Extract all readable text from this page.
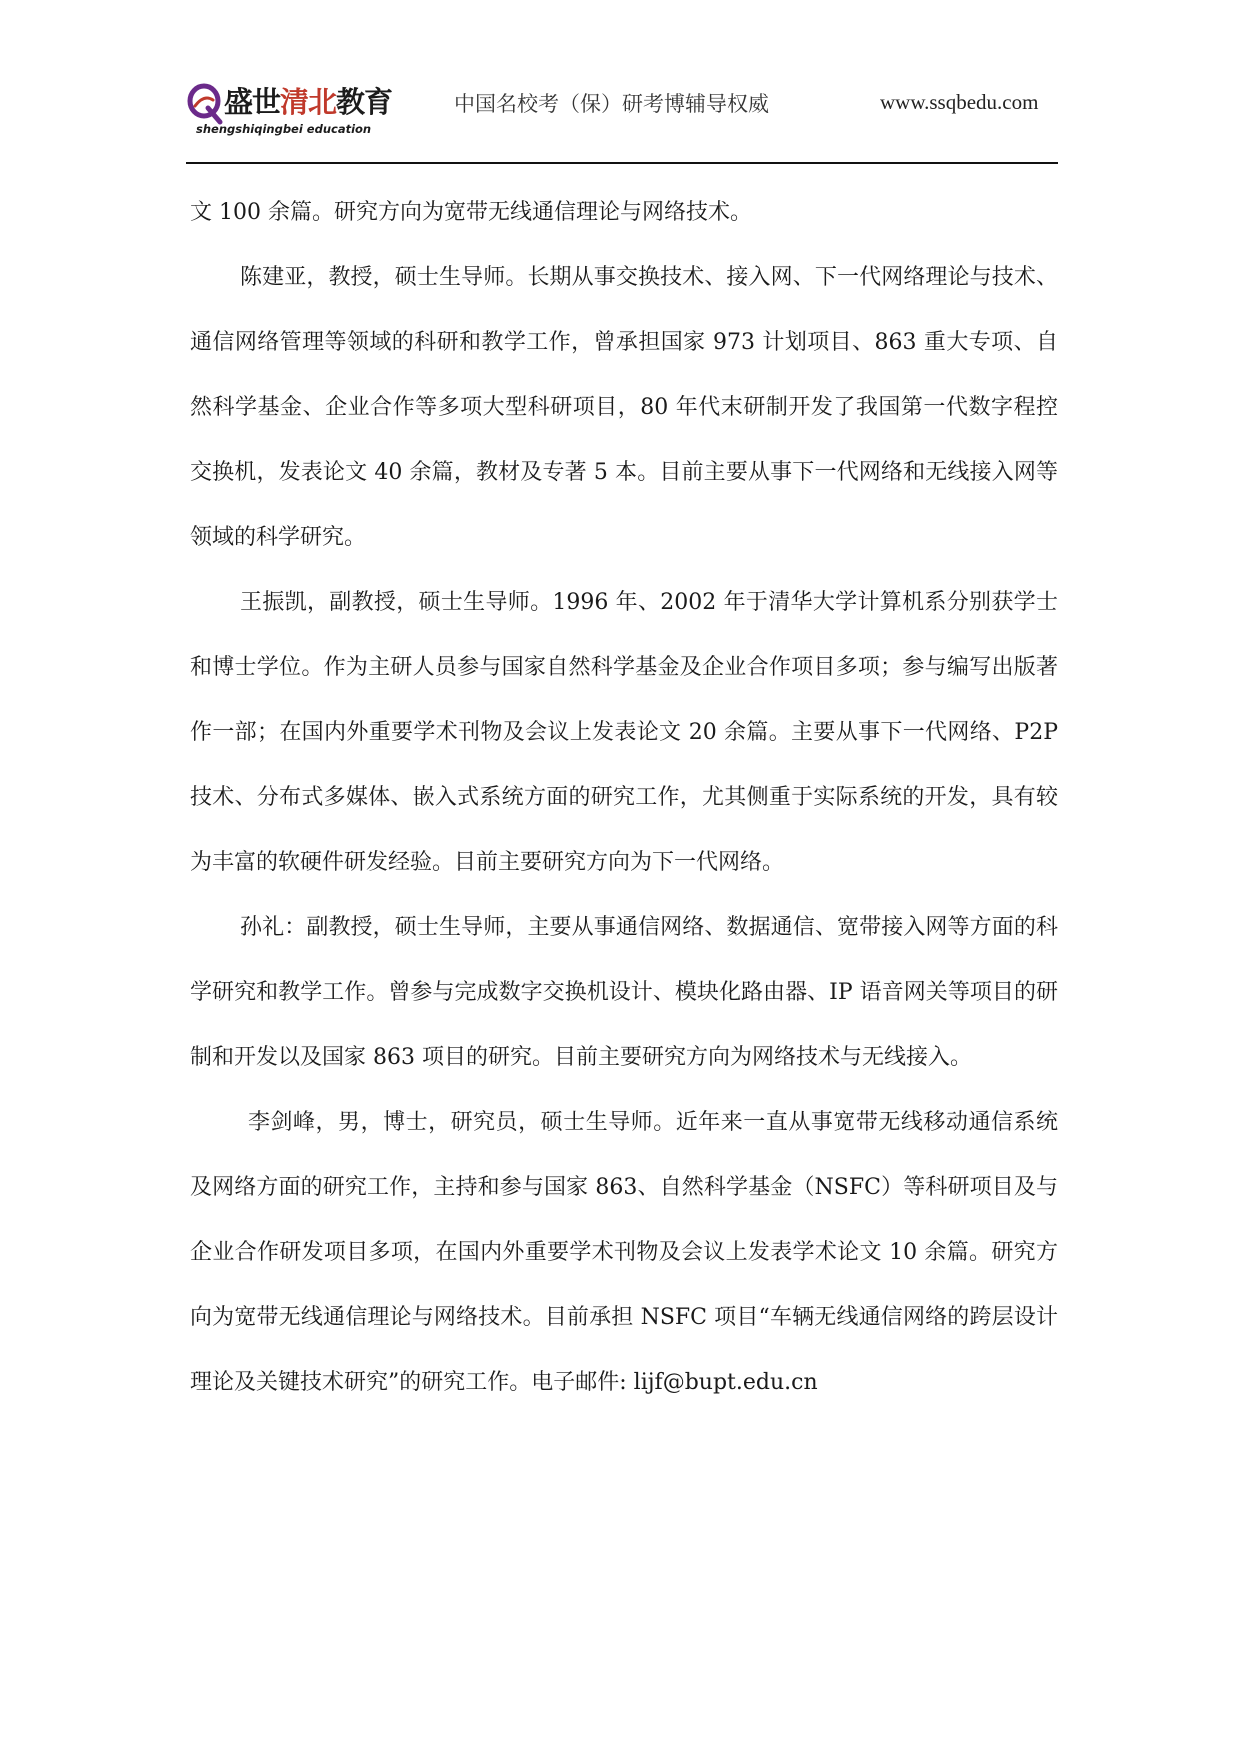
盛世清北教育
shengshiqingbei education
中国名校考（保）研考博辅导权威	www.ssqbedu.com

文 100 余篇。研究方向为宽带无线通信理论与网络技术。

陈建亚，教授，硕士生导师。长期从事交换技术、接入网、下一代网络理论与技术、通信网络管理等领域的科研和教学工作，曾承担国家 973 计划项目、863 重大专项、自然科学基金、企业合作等多项大型科研项目，80 年代末研制开发了我国第一代数字程控交换机，发表论文 40 余篇，教材及专著 5 本。目前主要从事下一代网络和无线接入网等领域的科学研究。

王振凯，副教授，硕士生导师。1996 年、2002 年于清华大学计算机系分别获学士和博士学位。作为主研人员参与国家自然科学基金及企业合作项目多项；参与编写出版著作一部；在国内外重要学术刊物及会议上发表论文 20 余篇。主要从事下一代网络、P2P 技术、分布式多媒体、嵌入式系统方面的研究工作，尤其侧重于实际系统的开发，具有较为丰富的软硬件研发经验。目前主要研究方向为下一代网络。

孙礼：副教授，硕士生导师，主要从事通信网络、数据通信、宽带接入网等方面的科学研究和教学工作。曾参与完成数字交换机设计、模块化路由器、IP 语音网关等项目的研制和开发以及国家 863 项目的研究。目前主要研究方向为网络技术与无线接入。

李剑峰，男，博士，研究员，硕士生导师。近年来一直从事宽带无线移动通信系统及网络方面的研究工作，主持和参与国家 863、自然科学基金（NSFC）等科研项目及与企业合作研发项目多项，在国内外重要学术刊物及会议上发表学术论文 10 余篇。研究方向为宽带无线通信理论与网络技术。目前承担 NSFC 项目“车辆无线通信网络的跨层设计理论及关键技术研究”的研究工作。电子邮件: lijf@bupt.edu.cn
